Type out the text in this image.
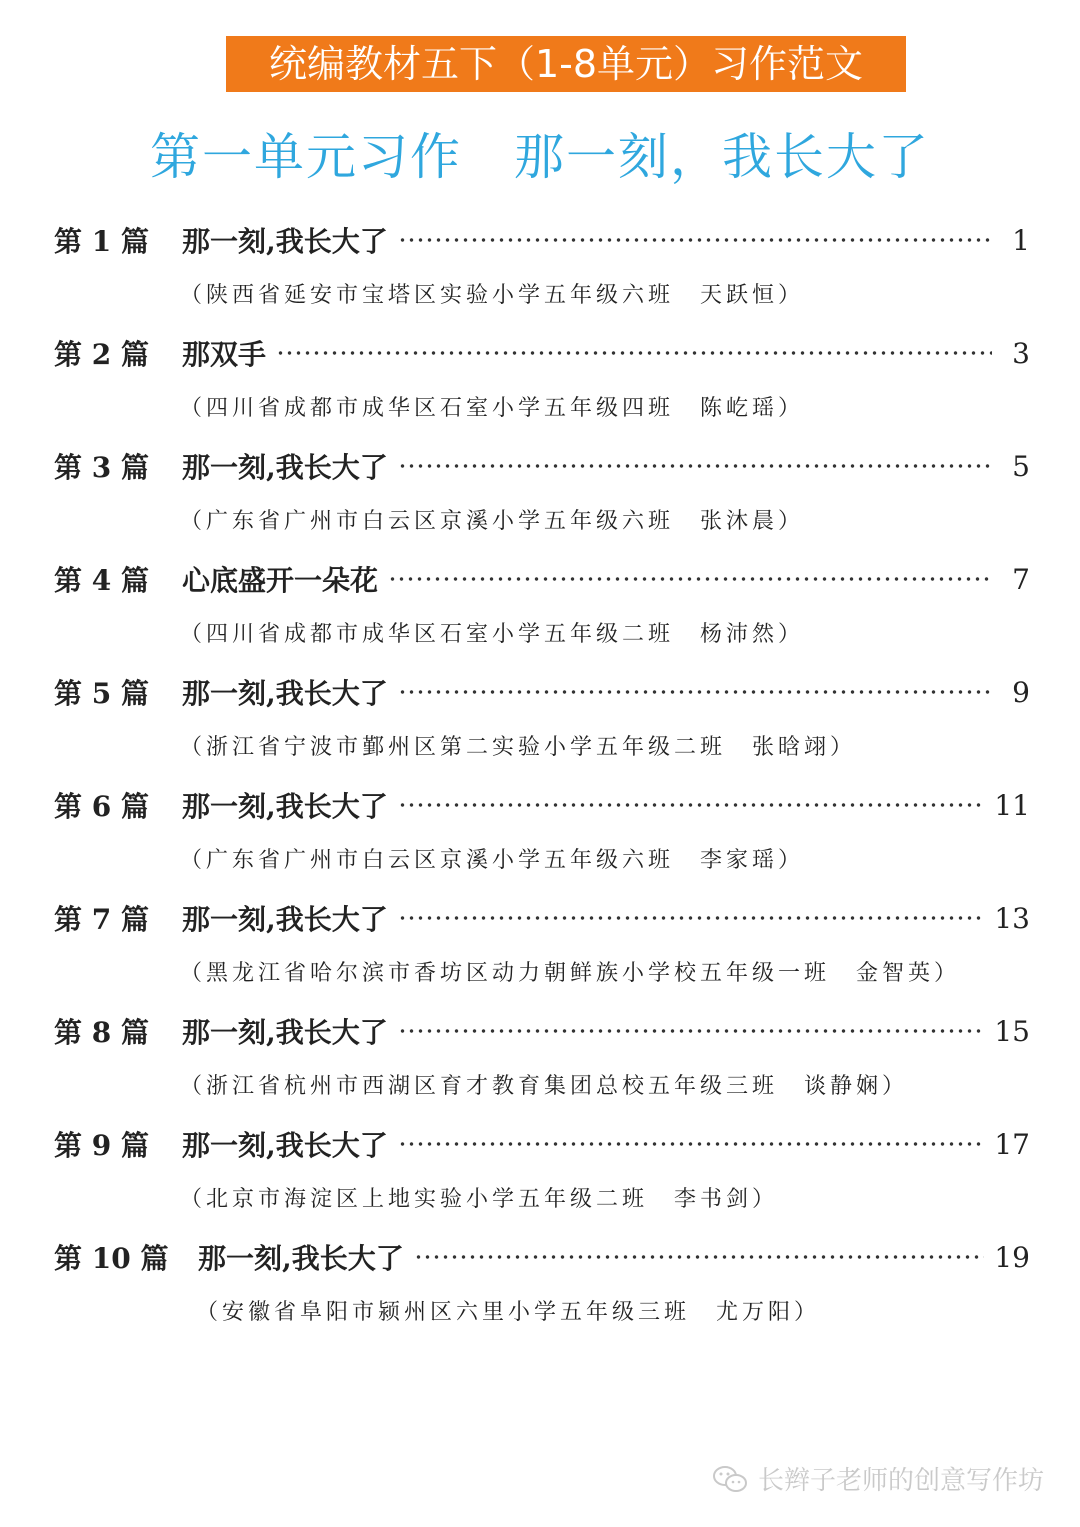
统编教材五下（1-8单元）习作范文
第一单元习作　那一刻，我长大了
第 1 篇	那一刻,我长大了	1
（陕西省延安市宝塔区实验小学五年级六班　天跃恒）
第 2 篇	那双手	3
（四川省成都市成华区石室小学五年级四班　陈屹瑶）
第 3 篇	那一刻,我长大了	5
（广东省广州市白云区京溪小学五年级六班　张沐晨）
第 4 篇	心底盛开一朵花	7
（四川省成都市成华区石室小学五年级二班　杨沛然）
第 5 篇	那一刻,我长大了	9
（浙江省宁波市鄞州区第二实验小学五年级二班　张晗翊）
第 6 篇	那一刻,我长大了	11
（广东省广州市白云区京溪小学五年级六班　李家瑶）
第 7 篇	那一刻,我长大了	13
（黑龙江省哈尔滨市香坊区动力朝鲜族小学校五年级一班　金智英）
第 8 篇	那一刻,我长大了	15
（浙江省杭州市西湖区育才教育集团总校五年级三班　谈静娴）
第 9 篇	那一刻,我长大了	17
（北京市海淀区上地实验小学五年级二班　李书剑）
第 10 篇	那一刻,我长大了	19
（安徽省阜阳市颍州区六里小学五年级三班　尤万阳）
长辫子老师的创意写作坊
